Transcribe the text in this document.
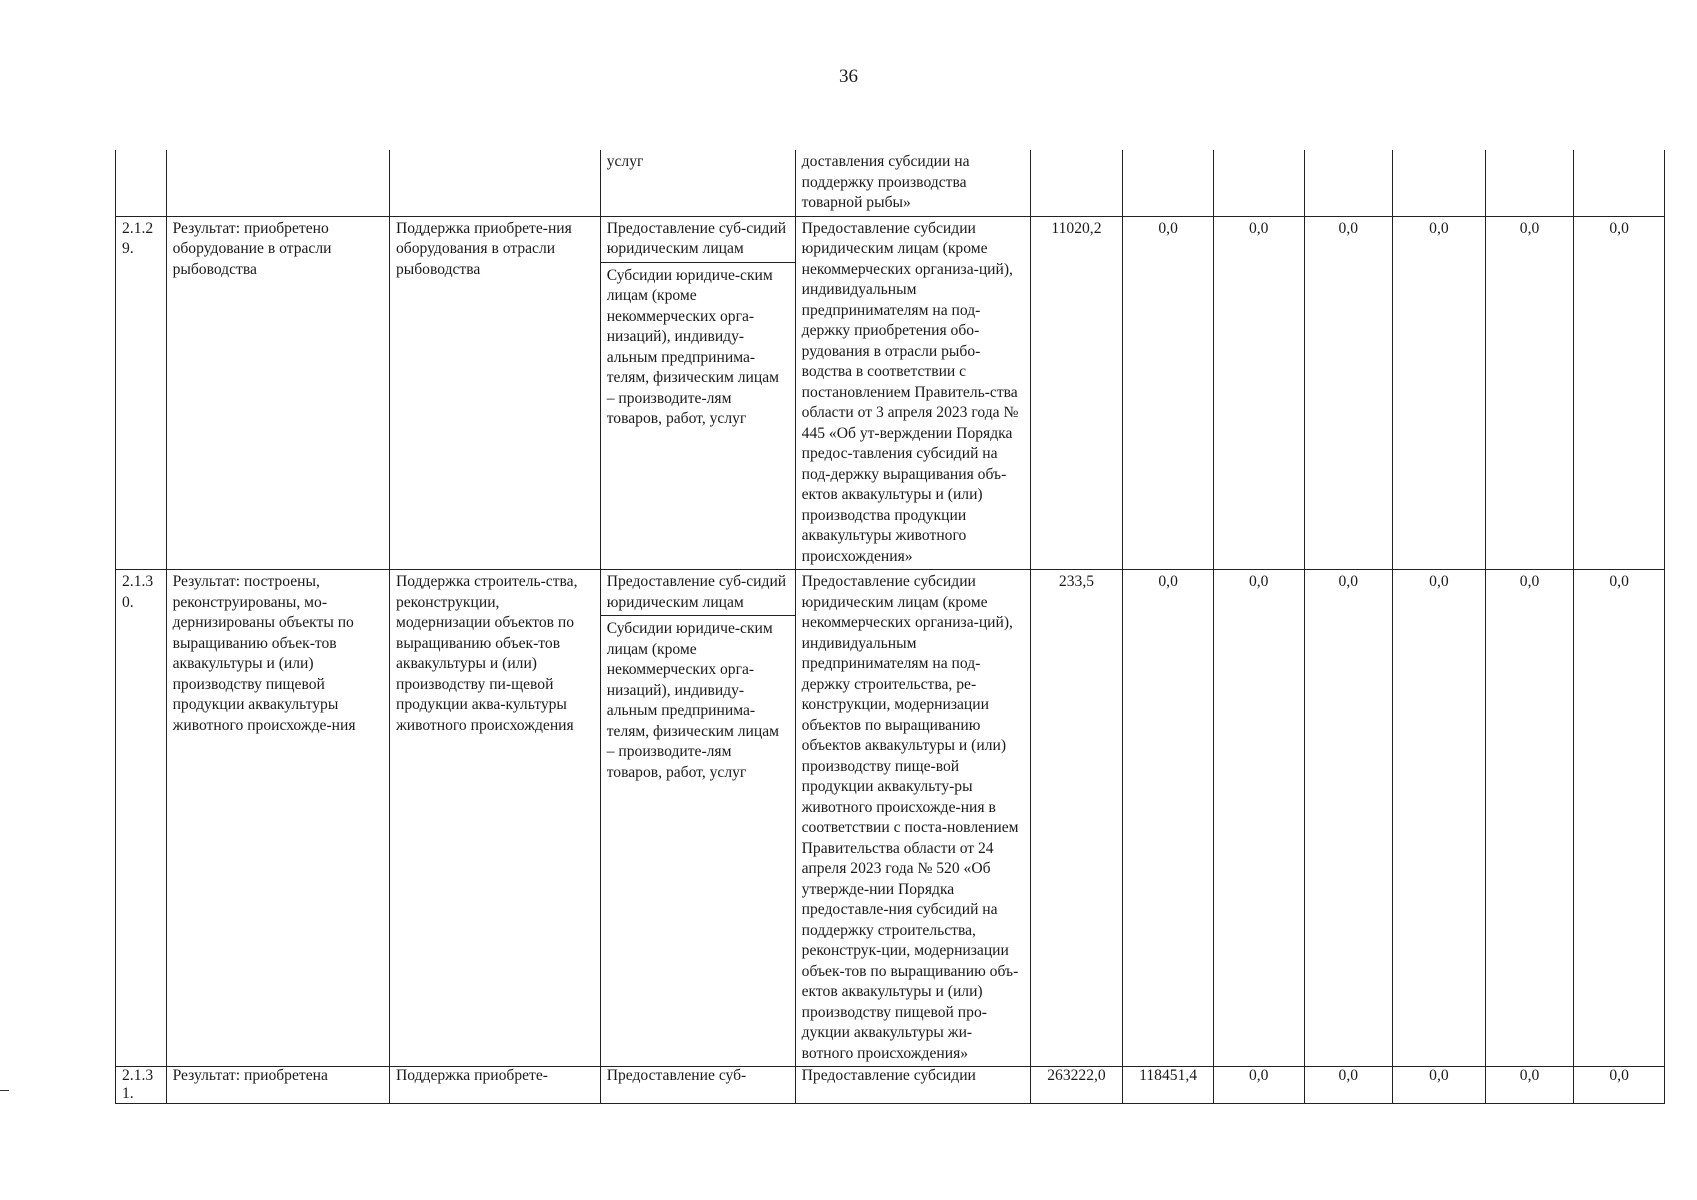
36
			услуг	доставления субсидии на поддержку производства товарной рыбы»							
2.1.29.	Результат: приобретено оборудование в отрасли рыбоводства	Поддержка приобрете-ния оборудования в отрасли рыбоводства	Предоставление суб-сидий юридическим лицам
Субсидии юридиче-ским лицам (кроме некоммерческих орга-низаций), индивиду-альным предпринима-телям, физическим лицам – производите-лям товаров, работ, услуг	Предоставление субсидии юридическим лицам (кроме некоммерческих организа-ций), индивидуальным предпринимателям на под-держку приобретения обо-рудования в отрасли рыбо-водства в соответствии с постановлением Правитель-ства области от 3 апреля 2023 года № 445 «Об ут-верждении Порядка предос-тавления субсидий на под-держку выращивания объ-ектов аквакультуры и (или) производства продукции аквакультуры животного происхождения»	11020,2	0,0	0,0	0,0	0,0	0,0	0,0
2.1.30.	Результат: построены, реконструированы, мо-дернизированы объекты по выращиванию объек-тов аквакультуры и (или) производству пищевой продукции аквакультуры животного происхожде-ния	Поддержка строитель-ства, реконструкции, модернизации объектов по выращиванию объек-тов аквакультуры и (или) производству пи-щевой продукции аква-культуры животного происхождения	Предоставление суб-сидий юридическим лицам
Субсидии юридиче-ским лицам (кроме некоммерческих орга-низаций), индивиду-альным предпринима-телям, физическим лицам – производите-лям товаров, работ, услуг	Предоставление субсидии юридическим лицам (кроме некоммерческих организа-ций), индивидуальным предпринимателям на под-держку строительства, ре-конструкции, модернизации объектов по выращиванию объектов аквакультуры и (или) производству пище-вой продукции аквакульту-ры животного происхожде-ния в соответствии с поста-новлением Правительства области от 24 апреля 2023 года № 520 «Об утвержде-нии Порядка предоставле-ния субсидий на поддержку строительства, реконструк-ции, модернизации объек-тов по выращиванию объ-ектов аквакультуры и (или) производству пищевой про-дукции аквакультуры жи-вотного происхождения»	233,5	0,0	0,0	0,0	0,0	0,0	0,0
2.1.31.	Результат: приобретена	Поддержка приобрете-	Предоставление суб-	Предоставление субсидии	263222,0	118451,4	0,0	0,0	0,0	0,0	0,0
